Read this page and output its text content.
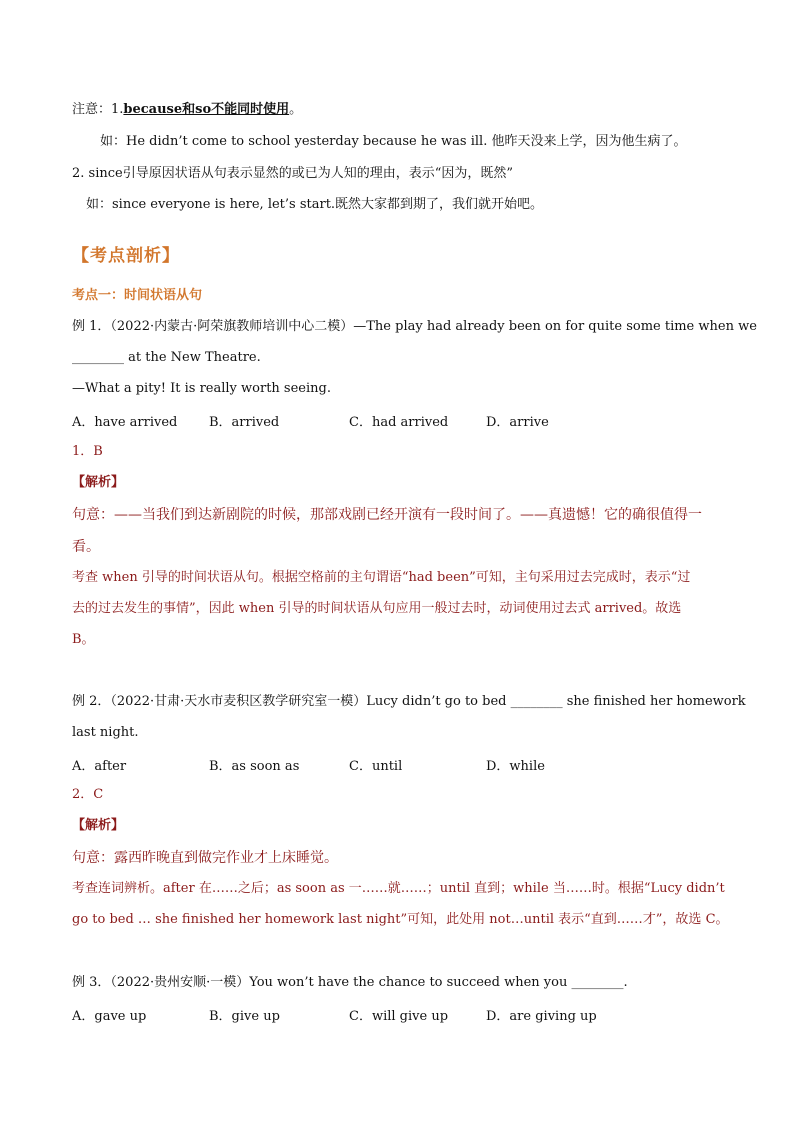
注意：1.because和so不能同时使用。
如：He didn’t come to school yesterday because he was ill. 他昨天没来上学，因为他生病了。
2. since引导原因状语从句表示显然的或已为人知的理由，表示“因为，既然”
如：since everyone is here, let’s start.既然大家都到期了，我们就开始吧。
【考点剖析】
考点一：时间状语从句
例 1．（2022·内蒙古·阿荣旗教师培训中心二模）—The play had already been on for quite some time when we
________ at the New Theatre.
—What a pity! It is really worth seeing.
A．have arrived B．arrived	C．had arrived	D．arrive
1．B
【解析】
句意：——当我们到达新剧院的时候，那部戏剧已经开演有一段时间了。——真遗憾！它的确很值得一
看。
考查 when 引导的时间状语从句。根据空格前的主句谓语“had been”可知，主句采用过去完成时，表示“过
去的过去发生的事情”，因此 when 引导的时间状语从句应用一般过去时，动词使用过去式 arrived。故选
B。
例 2．（2022·甘肃·天水市麦积区教学研究室一模）Lucy didn’t go to bed ________ she finished her homework
last night.
A．after	B．as soon as	C．until	D．while
2．C
【解析】
句意：露西昨晚直到做完作业才上床睡觉。
考查连词辨析。after 在……之后；as soon as 一……就……；until 直到；while 当……时。根据“Lucy didn’t
go to bed … she finished her homework last night”可知，此处用 not…until 表示“直到……才”，故选 C。
例 3．（2022·贵州安顺·一模）You won’t have the chance to succeed when you ________.
A．gave up	B．give up	C．will give up	D．are giving up
